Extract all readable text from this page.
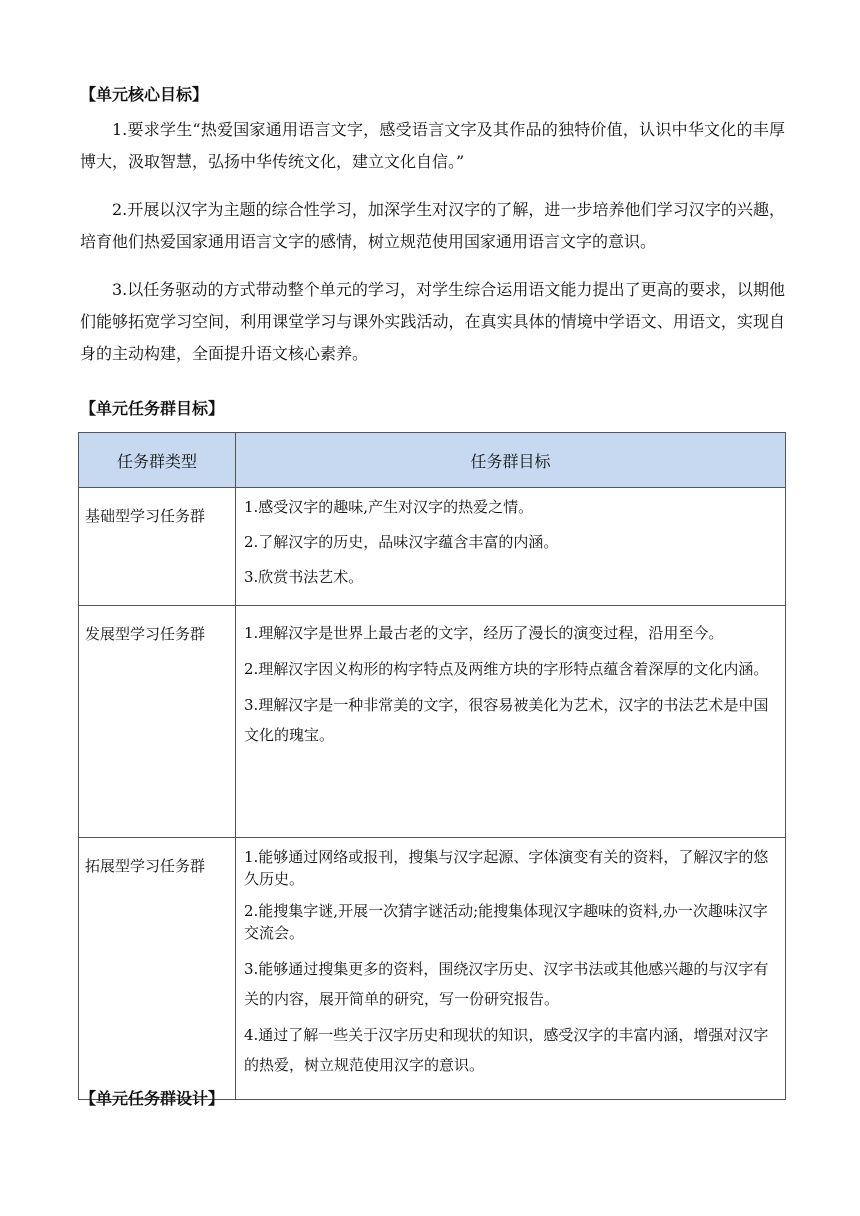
【单元核心目标】
1.要求学生“热爱国家通用语言文字，感受语言文字及其作品的独特价值，认识中华文化的丰厚博大，汲取智慧，弘扬中华传统文化，建立文化自信。”
2.开展以汉字为主题的综合性学习，加深学生对汉字的了解，进一步培养他们学习汉字的兴趣，培育他们热爱国家通用语言文字的感情，树立规范使用国家通用语言文字的意识。
3.以任务驱动的方式带动整个单元的学习，对学生综合运用语文能力提出了更高的要求，以期他们能够拓宽学习空间，利用课堂学习与课外实践活动，在真实具体的情境中学语文、用语文，实现自身的主动构建，全面提升语文核心素养。
【单元任务群目标】
任务群类型	任务群目标
基础型学习任务群	1.感受汉字的趣味,产生对汉字的热爱之情。
2.了解汉字的历史，品味汉字蕴含丰富的内涵。
3.欣赏书法艺术。

发展型学习任务群	1.理解汉字是世界上最古老的文字，经历了漫长的演变过程，沿用至今。
2.理解汉字因义构形的构字特点及两维方块的字形特点蕴含着深厚的文化内涵。
3.理解汉字是一种非常美的文字，很容易被美化为艺术，汉字的书法艺术是中国文化的瑰宝。

拓展型学习任务群	1.能够通过网络或报刊，搜集与汉字起源、字体演变有关的资料，了解汉字的悠久历史。
2.能搜集字谜,开展一次猜字谜活动;能搜集体现汉字趣味的资料,办一次趣味汉字交流会。
3.能够通过搜集更多的资料，围绕汉字历史、汉字书法或其他感兴趣的与汉字有关的内容，展开简单的研究，写一份研究报告。
4.通过了解一些关于汉字历史和现状的知识，感受汉字的丰富内涵，增强对汉字的热爱，树立规范使用汉字的意识。
【单元任务群设计】
